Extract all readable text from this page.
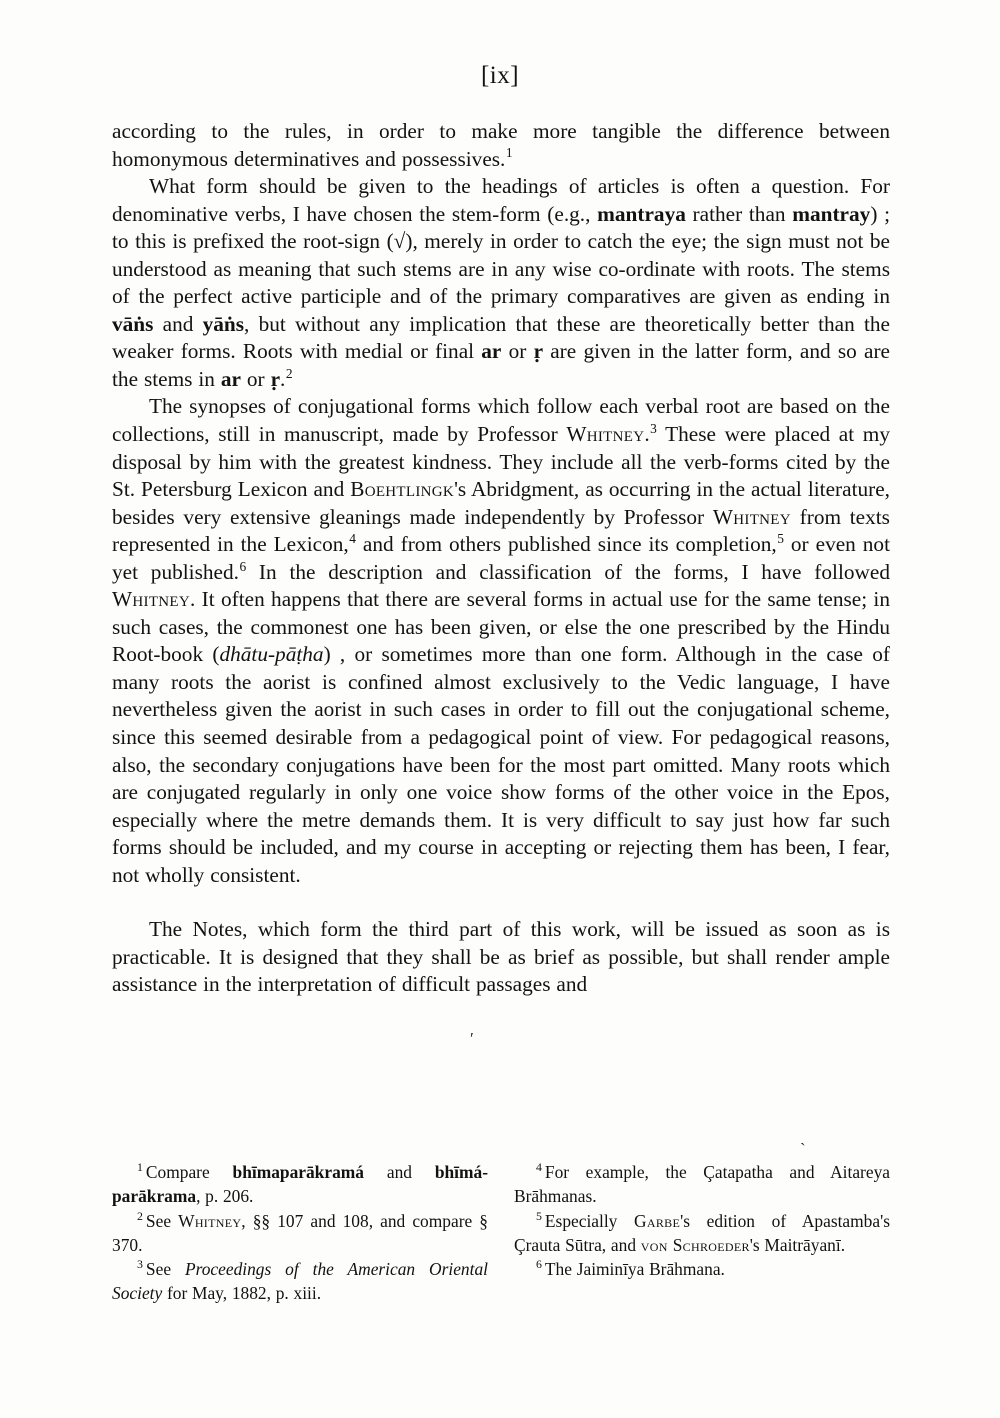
[ix]

according to the rules, in order to make more tangible the difference between homonymous determinatives and possessives.$^1$

What form should be given to the headings of articles is often a question. For denominative verbs, I have chosen the stem-form (e.g., mantraya rather than mantray) ; to this is prefixed the root-sign (√), merely in order to catch the eye; the sign must not be understood as meaning that such stems are in any wise co-ordinate with roots. The stems of the perfect active participle and of the primary comparatives are given as ending in vāṅs and yāṅs, but without any implication that these are theoretically better than the weaker forms. Roots with medial or final ar or ṛ are given in the latter form, and so are the stems in ar or ṛ.$^2$

The synopses of conjugational forms which follow each verbal root are based on the collections, still in manuscript, made by Professor Whitney.$^3$ These were placed at my disposal by him with the greatest kindness. They include all the verb-forms cited by the St. Petersburg Lexicon and Boehtlingk's Abridgment, as occurring in the actual literature, besides very extensive gleanings made independently by Professor Whitney from texts represented in the Lexicon,$^4$ and from others published since its completion,$^5$ or even not yet published.$^6$ In the description and classification of the forms, I have followed Whitney. It often happens that there are several forms in actual use for the same tense; in such cases, the commonest one has been given, or else the one prescribed by the Hindu Root-book (dhātu-pāṭha) , or sometimes more than one form. Although in the case of many roots the aorist is confined almost exclusively to the Vedic language, I have nevertheless given the aorist in such cases in order to fill out the conjugational scheme, since this seemed desirable from a pedagogical point of view. For pedagogical reasons, also, the secondary conjugations have been for the most part omitted. Many roots which are conjugated regularly in only one voice show forms of the other voice in the Epos, especially where the metre demands them. It is very difficult to say just how far such forms should be included, and my course in accepting or rejecting them has been, I fear, not wholly consistent.

The Notes, which form the third part of this work, will be issued as soon as is practicable. It is designed that they shall be as brief as possible, but shall render ample assistance in the interpretation of difficult passages and

ʹ
ˎ

$^1$ Compare bhīmaparākramá and bhīmá-parākrama, p. 206.

$^2$ See Whitney, §§ 107 and 108, and compare § 370.

$^3$ See Proceedings of the American Oriental Society for May, 1882, p. xiii.

$^4$ For example, the Çatapatha and Aitareya Brāhmanas.

$^5$ Especially Garbe's edition of Apastamba's Çrauta Sūtra, and von Schroeder's Maitrāyanī.

$^6$ The Jaiminīya Brāhmana.
